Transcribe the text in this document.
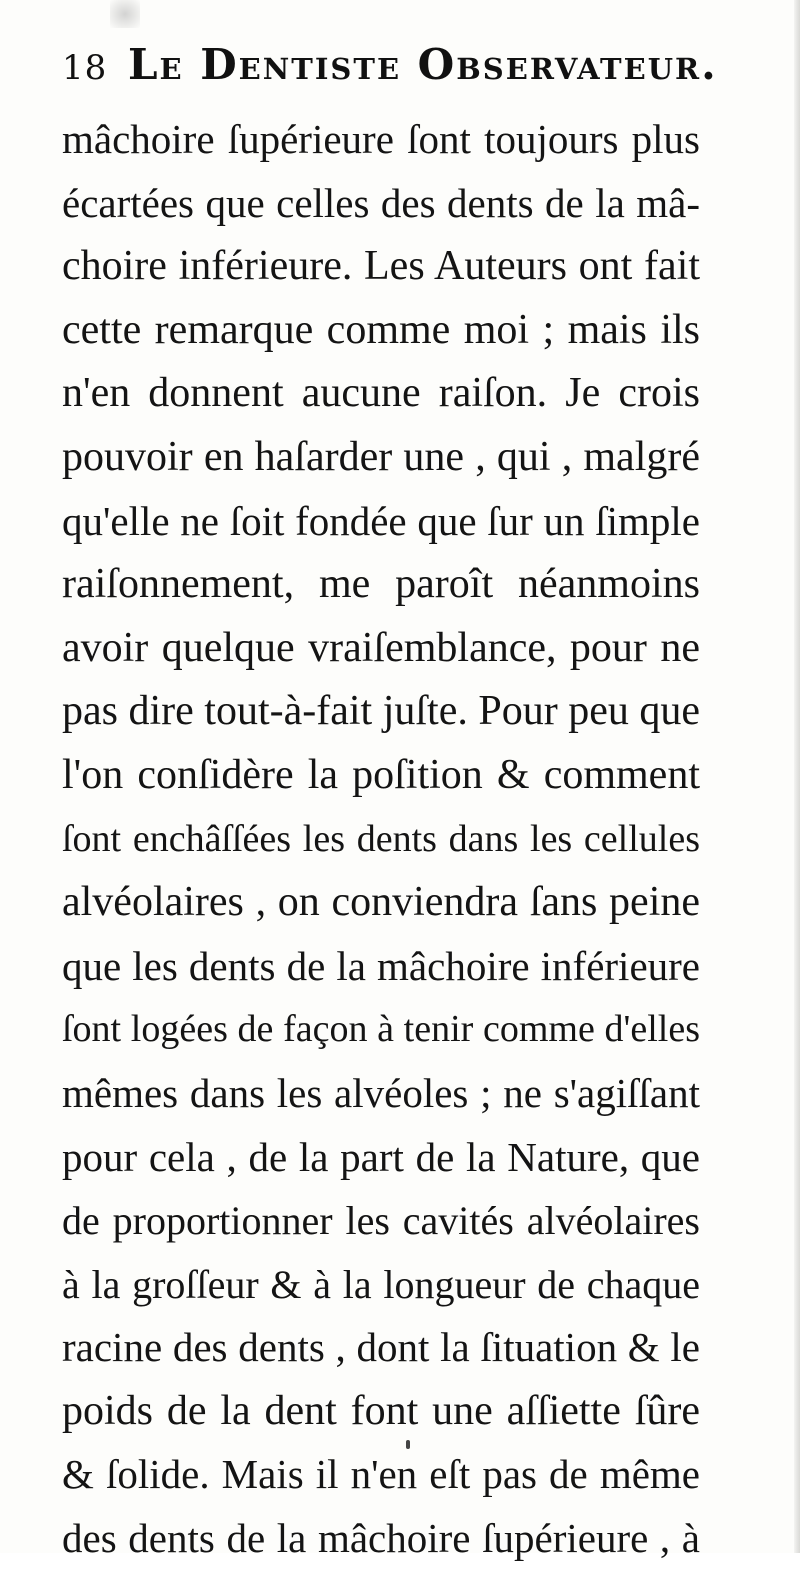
18 Le Dentiste Observateur.
mâchoire ſupérieure ſont toujours plus
écartées que celles des dents de la mâ-
choire inférieure. Les Auteurs ont fait
cette remarque comme moi ; mais ils
n'en donnent aucune raiſon. Je crois
pouvoir en haſarder une , qui , malgré
qu'elle ne ſoit fondée que ſur un ſimple
raiſonnement, me paroît néanmoins
avoir quelque vraiſemblance, pour ne
pas dire tout-à-fait juſte. Pour peu que
l'on conſidère la poſition & comment
ſont enchâſſées les dents dans les cellules
alvéolaires , on conviendra ſans peine
que les dents de la mâchoire inférieure
ſont logées de façon à tenir comme d'elles
mêmes dans les alvéoles ; ne s'agiſſant
pour cela , de la part de la Nature, que
de proportionner les cavités alvéolaires
à la groſſeur & à la longueur de chaque
racine des dents , dont la ſituation & le
poids de la dent font une aſſiette ſûre
& ſolide. Mais il n'en eſt pas de même
des dents de la mâchoire ſupérieure , à
